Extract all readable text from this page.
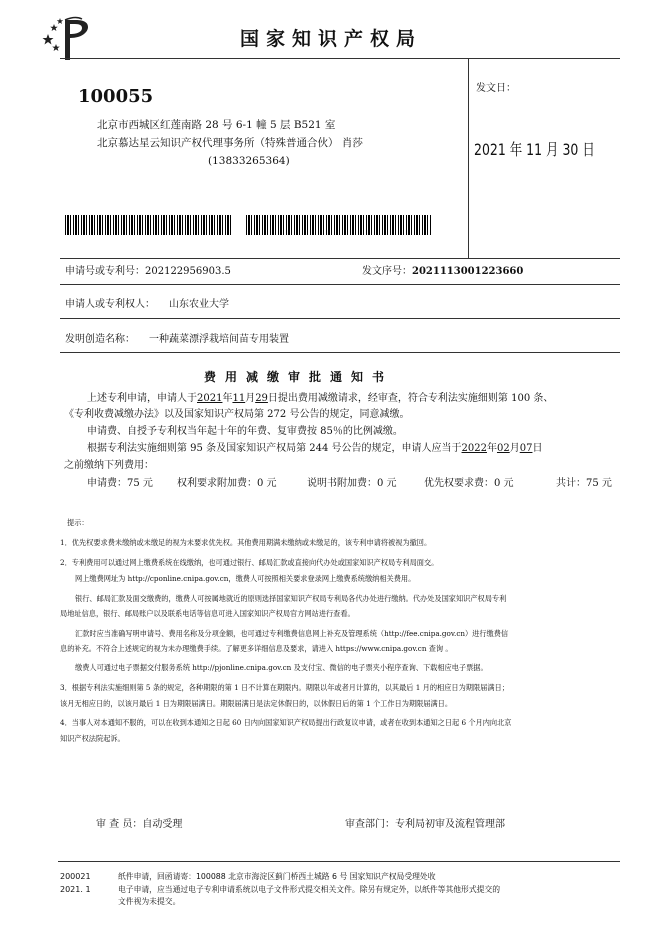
国家知识产权局
100055
北京市西城区红莲南路 28 号 6-1 幢 5 层 B521 室
北京慕达星云知识产权代理事务所（特殊普通合伙） 肖莎
(13833265364)
发文日：
2021 年 11 月 30 日
申请号或专利号：202122956903.5	发文序号：2021113001223660
申请人或专利权人： 山东农业大学
发明创造名称： 一种蔬菜漂浮栽培间苗专用装置
费用减缴审批通知书
上述专利申请，申请人于2021年11月29日提出费用减缴请求，经审查，符合专利法实施细则第 100 条、
《专利收费减缴办法》以及国家知识产权局第 272 号公告的规定，同意减缴。
申请费、自授予专利权当年起十年的年费、复审费按 85％的比例减缴。
根据专利法实施细则第 95 条及国家知识产权局第 244 号公告的规定，申请人应当于2022年02月07日
之前缴纳下列费用：
申请费：75 元 权利要求附加费：0 元	说明书附加费：0 元	优先权要求费：0 元	共计：75 元
提示：
1．优先权要求费未缴纳或未缴足的视为未要求优先权。其他费用期满未缴纳或未缴足的，该专利申请将被视为撤回。
2．专利费用可以通过网上缴费系统在线缴纳，也可通过银行、邮局汇款或直接向代办处或国家知识产权局专利局面交。
网上缴费网址为 http://cponline.cnipa.gov.cn，缴费人可按照相关要求登录网上缴费系统缴纳相关费用。
银行、邮局汇款及面交缴费的，缴费人可按属地就近的原则选择国家知识产权局专利局各代办处进行缴纳。代办处及国家知识产权局专利
局地址信息，银行、邮局账户以及联系电话等信息可进入国家知识产权局官方网站进行查看。
汇款时应当准确写明申请号、费用名称及分项金额，也可通过专利缴费信息网上补充及管理系统（http://fee.cnipa.gov.cn）进行缴费信
息的补充。不符合上述规定的视为未办理缴费手续。了解更多详细信息及要求，请进入 https://www.cnipa.gov.cn 查询 。
缴费人可通过电子票据交付服务系统 http://pjonline.cnipa.gov.cn 及支付宝、微信的电子票夹小程序查询、下载相应电子票据。
3．根据专利法实施细则第 5 条的规定，各种期限的第 1 日不计算在期限内。期限以年或者月计算的，以其最后 1 月的相应日为期限届满日；
该月无相应日的，以该月最后 1 日为期限届满日。期限届满日是法定休假日的，以休假日后的第 1 个工作日为期限届满日。
4．当事人对本通知不服的，可以在收到本通知之日起 60 日内向国家知识产权局提出行政复议申请，或者在收到本通知之日起 6 个月内向北京
知识产权法院起诉。
审 查 员：自动受理	审查部门：专利局初审及流程管理部
200021
2021. 1
纸件申请，回函请寄：100088 北京市海淀区蓟门桥西土城路 6 号 国家知识产权局受理处收
电子申请，应当通过电子专利申请系统以电子文件形式提交相关文件。除另有规定外，以纸件等其他形式提交的
文件视为未提交。
